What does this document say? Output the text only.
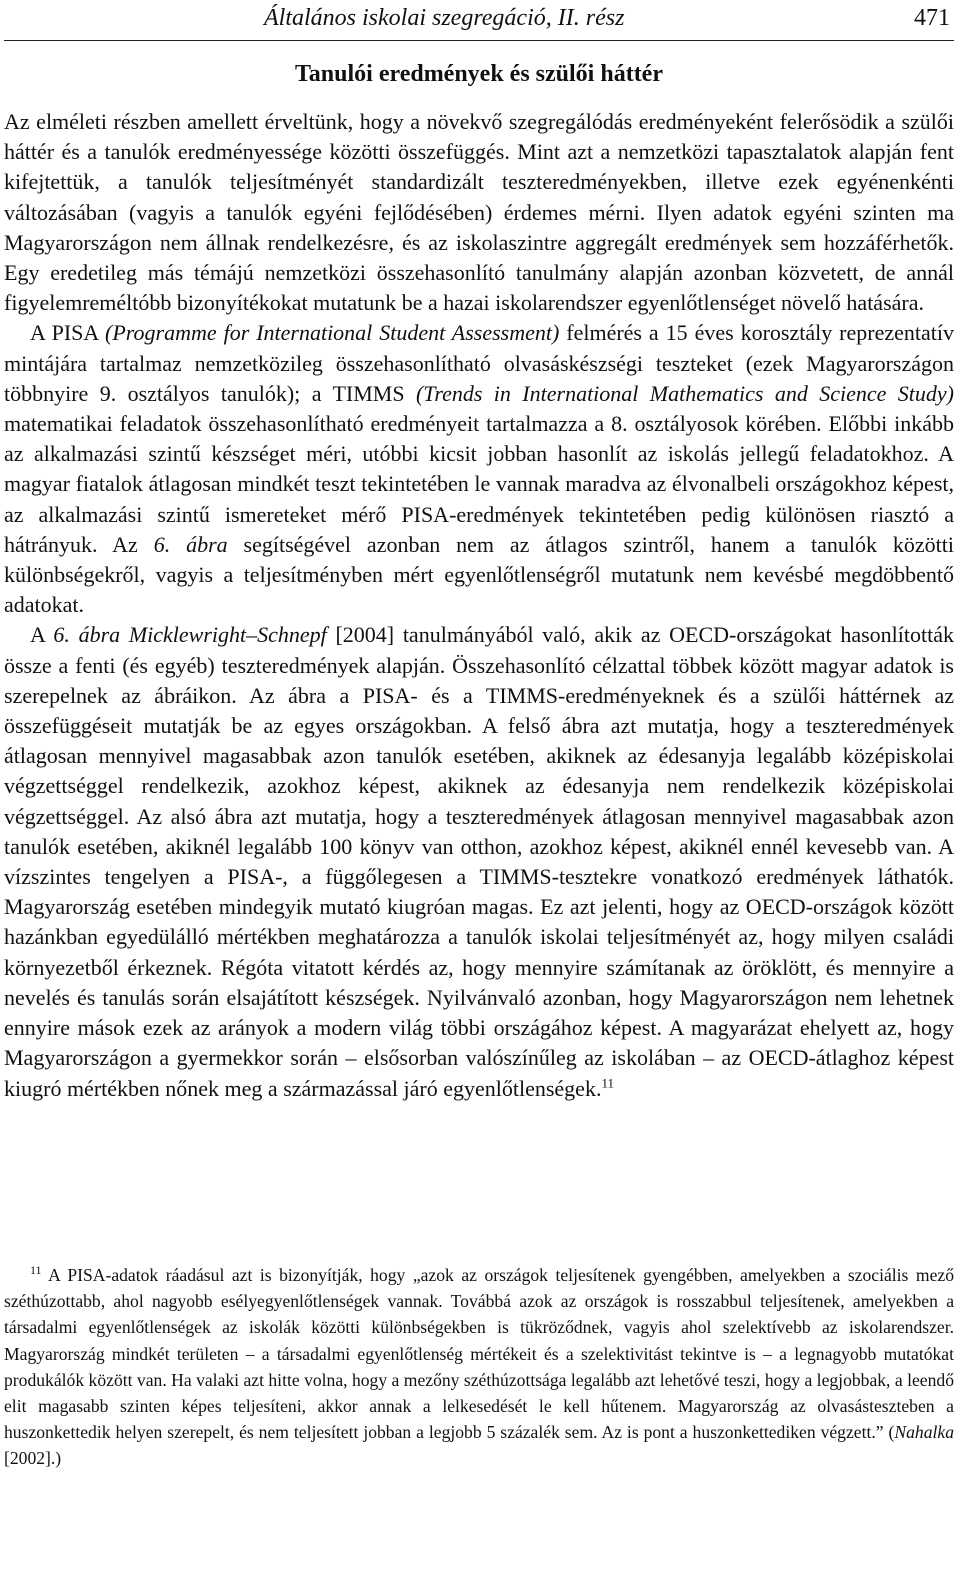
Általános iskolai szegregáció, II. rész	471
Tanulói eredmények és szülői háttér

Az elméleti részben amellett érveltünk, hogy a növekvő szegregálódás eredményeként felerősödik a szülői háttér és a tanulók eredményessége közötti összefüggés. Mint azt a nemzetközi tapasztalatok alapján fent kifejtettük, a tanulók teljesítményét standardizált teszteredményekben, illetve ezek egyénenkénti változásában (vagyis a tanulók egyéni fejlődésében) érdemes mérni. Ilyen adatok egyéni szinten ma Magyarországon nem állnak rendelkezésre, és az iskolaszintre aggregált eredmények sem hozzáférhetők. Egy eredetileg más témájú nemzetközi összehasonlító tanulmány alapján azonban közvetett, de annál figyelemreméltóbb bizonyítékokat mutatunk be a hazai iskolarendszer egyenlőtlenséget növelő hatására.

A PISA (Programme for International Student Assessment) felmérés a 15 éves korosztály reprezentatív mintájára tartalmaz nemzetközileg összehasonlítható olvasáskészségi teszteket (ezek Magyarországon többnyire 9. osztályos tanulók); a TIMMS (Trends in International Mathematics and Science Study) matematikai feladatok összehasonlítható eredményeit tartalmazza a 8. osztályosok körében. Előbbi inkább az alkalmazási szintű készséget méri, utóbbi kicsit jobban hasonlít az iskolás jellegű feladatokhoz. A magyar fiatalok átlagosan mindkét teszt tekintetében le vannak maradva az élvonalbeli országokhoz képest, az alkalmazási szintű ismereteket mérő PISA-eredmények tekintetében pedig különösen riasztó a hátrányuk. Az 6. ábra segítségével azonban nem az átlagos szintről, hanem a tanulók közötti különbségekről, vagyis a teljesítményben mért egyenlőtlenségről mutatunk nem kevésbé megdöbbentő adatokat.

A 6. ábra Micklewright–Schnepf [2004] tanulmányából való, akik az OECD-országokat hasonlították össze a fenti (és egyéb) teszteredmények alapján. Összehasonlító célzattal többek között magyar adatok is szerepelnek az ábráikon. Az ábra a PISA- és a TIMMS-eredményeknek és a szülői háttérnek az összefüggéseit mutatják be az egyes országokban. A felső ábra azt mutatja, hogy a teszteredmények átlagosan mennyivel magasabbak azon tanulók esetében, akiknek az édesanyja legalább középiskolai végzettséggel rendelkezik, azokhoz képest, akiknek az édesanyja nem rendelkezik középiskolai végzettséggel. Az alsó ábra azt mutatja, hogy a teszteredmények átlagosan mennyivel magasabbak azon tanulók esetében, akiknél legalább 100 könyv van otthon, azokhoz képest, akiknél ennél kevesebb van. A vízszintes tengelyen a PISA-, a függőlegesen a TIMMS-tesztekre vonatkozó eredmények láthatók. Magyarország esetében mindegyik mutató kiugróan magas. Ez azt jelenti, hogy az OECD-országok között hazánkban egyedülálló mértékben meghatározza a tanulók iskolai teljesítményét az, hogy milyen családi környezetből érkeznek. Régóta vitatott kérdés az, hogy mennyire számítanak az öröklött, és mennyire a nevelés és tanulás során elsajátított készségek. Nyilvánvaló azonban, hogy Magyarországon nem lehetnek ennyire mások ezek az arányok a modern világ többi országához képest. A magyarázat ehelyett az, hogy Magyarországon a gyermekkor során – elsősorban valószínűleg az iskolában – az OECD-átlaghoz képest kiugró mértékben nőnek meg a származással járó egyenlőtlenségek.$^{11}$

$^{11}$ A PISA-adatok ráadásul azt is bizonyítják, hogy „azok az országok teljesítenek gyengébben, amelyekben a szociális mező széthúzottabb, ahol nagyobb esélyegyenlőtlenségek vannak. Továbbá azok az országok is rosszabbul teljesítenek, amelyekben a társadalmi egyenlőtlenségek az iskolák közötti különbségekben is tükröződnek, vagyis ahol szelektívebb az iskolarendszer. Magyarország mindkét területen – a társadalmi egyenlőtlenség mértékeit és a szelektivitást tekintve is – a legnagyobb mutatókat produkálók között van. Ha valaki azt hitte volna, hogy a mezőny széthúzottsága legalább azt lehetővé teszi, hogy a legjobbak, a leendő elit magasabb szinten képes teljesíteni, akkor annak a lelkesedését le kell hűtenem. Magyarország az olvasásteszteben a huszonkettedik helyen szerepelt, és nem teljesített jobban a legjobb 5 százalék sem. Az is pont a huszonkettediken végzett.” (Nahalka [2002].)
